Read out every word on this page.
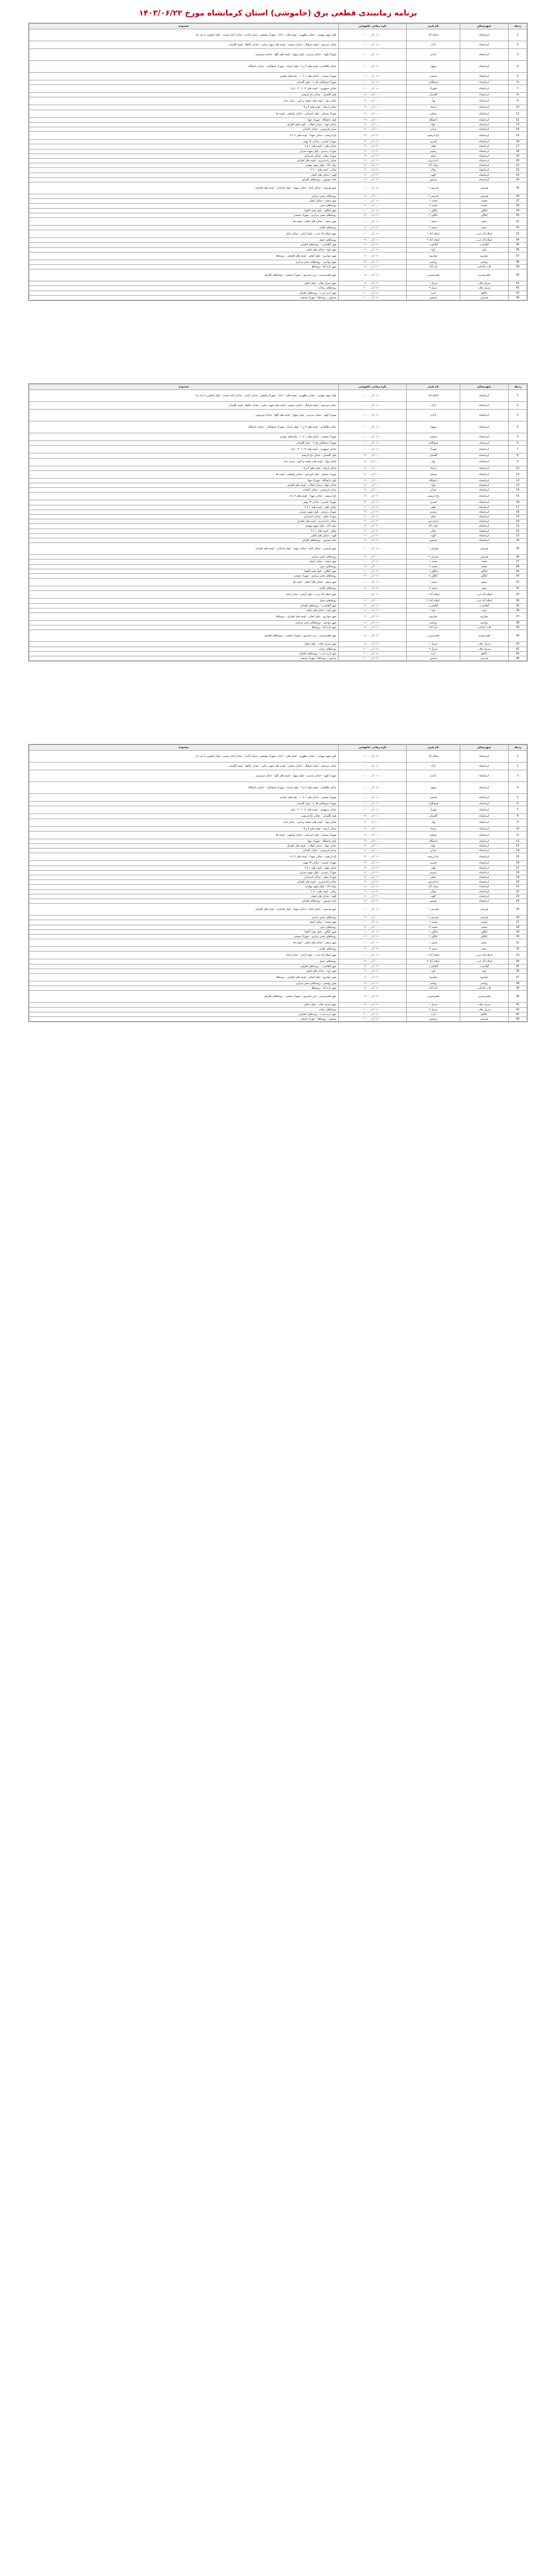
برنامه زمانبندی قطعی برق (خاموشی) استان کرمانشاه مورخ ۱۴۰۳/۰۶/۲۲
ردیف	شهرستان	نام فیدر	بازه زمانی خاموشی	محدوده
1	کرمانشاه	اسلام آباد	۰۸:۰۰ الی ۱۰:۰۰	بلوار شهید بهشتی - خیابان مطهری - کوچه های ۱ تا ۱۵ - شهرک ولیعصر - میدان آزادی - خیابان امام خمینی - بلوار کشاورز تا سه راه
2	کرمانشاه	پارک	۰۸:۰۰ الی ۱۰:۰۰	خیابان شریعتی - کوچه فرهنگ - خیابان سعدی - کوچه های شهید رجایی - خیابان حافظ - کوچه گلستان
3	کرمانشاه	آزادی	۰۸:۰۰ الی ۱۰:۰۰	شهرک الهیه - خیابان مدرس - بلوار نوبهار - کوچه های گلها - خیابان فردوسی
4	کرمانشاه	نوبهار	۰۸:۰۰ الی ۱۰:۰۰	خیابان طالقانی - کوچه های ۴ و ۶ - بلوار ارشاد - شهرک فرهنگیان - خیابان دانشگاه
5	کرمانشاه	صنعتی	۰۸:۰۰ الی ۱۰:۰۰	شهرک صنعتی - خیابان های ۱ تا ۱۰ - واحدهای تولیدی
6	کرمانشاه	فرهنگیان	۰۸:۰۰ الی ۱۰:۰۰	شهرک فرهنگیان فاز ۲ - بلوار گلستان
7	کرمانشاه	شهرک	۰۸:۰۰ الی ۱۰:۰۰	خیابان جمهوری - کوچه های ۱۲ تا ۲۰ - بازار
8	کرمانشاه	گلستان	۱۰:۰۰ الی ۱۲:۰۰	بلوار گلستان - خیابان باغ ابریشم
9	کرمانشاه	بهار	۱۰:۰۰ الی ۱۲:۰۰	خیابان بهار - کوچه های بنفشه و یاس - میدان مادر
10	کرمانشاه	ارشاد	۱۰:۰۰ الی ۱۲:۰۰	خیابان ارشاد - کوچه های ۳ و ۵
11	کرمانشاه	مسکن	۱۰:۰۰ الی ۱۲:۰۰	شهرک مسکن - بلوار امیرکبیر - خیابان ولیعصر - کوچه ها
12	کرمانشاه	دانشگاه	۱۰:۰۰ الی ۱۲:۰۰	بلوار دانشگاه - شهرک جهاد
13	کرمانشاه	جهاد	۱۰:۰۰ الی ۱۲:۰۰	خیابان جهاد - میدان انقلاب - کوچه های اطراف
14	کرمانشاه	میدان	۱۰:۰۰ الی ۱۲:۰۰	میدان فردوسی - خیابان کاشانی
15	کرمانشاه	باغ ابریشم	۱۲:۰۰ الی ۱۴:۰۰	باغ ابریشم - خیابان شهدا - کوچه های ۲ تا ۸
16	کرمانشاه	کسری	۱۲:۰۰ الی ۱۴:۰۰	شهرک کسری - خیابان ۲۲ بهمن
17	کرمانشاه	ظفر	۱۲:۰۰ الی ۱۴:۰۰	خیابان ظفر - کوچه های ۱ تا ۹
18	کرمانشاه	رشیدی	۱۲:۰۰ الی ۱۴:۰۰	شهرک رشیدی - بلوار شهید چمران
19	کرمانشاه	معلم	۱۲:۰۰ الی ۱۴:۰۰	شهرک معلم - خیابان پاسداران
20	کرمانشاه	ژاندارمری	۱۲:۰۰ الی ۱۴:۰۰	خیابان ژاندارمری - کوچه های اطراف
21	کرمانشاه	دولت آباد	۱۴:۰۰ الی ۱۶:۰۰	دولت آباد - بلوار شهید بهشتی
22	کرمانشاه	نوکان	۱۴:۰۰ الی ۱۶:۰۰	نوکان - کوچه های ۱ تا ۶
23	کرمانشاه	الهیه	۱۴:۰۰ الی ۱۶:۰۰	الهیه - خیابان های اصلی
24	کرمانشاه	بیستون	۱۴:۰۰ الی ۱۶:۰۰	جاده بیستون - روستاهای اطراف
25	هرسین	هرسین ۱	۰۸:۰۰ الی ۱۰:۰۰	شهر هرسین - خیابان امام - خیابان شهدا - بلوار جانبازان - کوچه های اطراف
26	هرسین	هرسین ۲	۱۰:۰۰ الی ۱۲:۰۰	روستاهای بخش مرکزی
27	صحنه	صحنه ۱	۰۸:۰۰ الی ۱۰:۰۰	شهر صحنه - خیابان اصلی
28	صحنه	صحنه ۲	۱۰:۰۰ الی ۱۲:۰۰	روستاهای دینور
29	کنگاور	کنگاور ۱	۰۸:۰۰ الی ۱۰:۰۰	شهر کنگاور - بلوار معبد آناهیتا
30	کنگاور	کنگاور ۲	۱۲:۰۰ الی ۱۴:۰۰	روستاهای بخش مرکزی - شهرک صنعتی
31	سنقر	سنقر ۱	۰۸:۰۰ الی ۱۰:۰۰	شهر سنقر - خیابان های اصلی - کوچه ها
32	سنقر	سنقر ۲	۱۴:۰۰ الی ۱۶:۰۰	روستاهای کلیایی
33	اسلام آباد غرب	اسلام آباد ۱	۰۸:۰۰ الی ۱۰:۰۰	شهر اسلام آباد غرب - بلوار آزادی - خیابان امام
34	اسلام آباد غرب	اسلام آباد ۲	۱۰:۰۰ الی ۱۲:۰۰	روستاهای حمیل
35	گیلانغرب	گیلانغرب	۱۲:۰۰ الی ۱۴:۰۰	شهر گیلانغرب - روستاهای اطراف
36	پاوه	پاوه	۱۴:۰۰ الی ۱۶:۰۰	شهر پاوه - خیابان های اصلی
37	جوانرود	جوانرود	۱۴:۰۰ الی ۱۶:۰۰	شهر جوانرود - بلوار اصلی - کوچه های اطراف - روستاها
38	روانسر	روانسر	۱۶:۰۰ الی ۱۸:۰۰	شهر روانسر - روستاهای بخش مرکزی
39	ثلاث باباجانی	تازه آباد	۱۶:۰۰ الی ۱۸:۰۰	شهر تازه آباد - روستاها
40	قصرشیرین	قصرشیرین	۱۶:۰۰ الی ۱۸:۰۰	شهر قصرشیرین - مرز خسروی - شهرک صنعتی - روستاهای اطراف
41	سرپل ذهاب	سرپل ۱	۱۶:۰۰ الی ۱۸:۰۰	شهر سرپل ذهاب - بلوار اصلی
42	سرپل ذهاب	سرپل ۲	۱۸:۰۰ الی ۲۰:۰۰	روستاهای ریجاب
43	دالاهو	کرند	۱۸:۰۰ الی ۲۰:۰۰	شهر کرند غرب - روستاهای اطراف
44	هرسین	بیستون	۱۸:۰۰ الی ۲۰:۰۰	بیستون - روستاها - شهرک صنعتی
ردیف	شهرستان	نام فیدر	بازه زمانی خاموشی	محدوده
1	کرمانشاه	اسلام آباد	۰۸:۰۰ الی ۱۰:۰۰	بلوار شهید بهشتی - خیابان مطهری - کوچه های ۱ تا ۱۵ - شهرک ولیعصر - میدان آزادی - خیابان امام خمینی - بلوار کشاورز تا سه راه
2	کرمانشاه	پارک	۰۸:۰۰ الی ۱۰:۰۰	خیابان شریعتی - کوچه فرهنگ - خیابان سعدی - کوچه های شهید رجایی - خیابان حافظ - کوچه گلستان
3	کرمانشاه	آزادی	۰۸:۰۰ الی ۱۰:۰۰	شهرک الهیه - خیابان مدرس - بلوار نوبهار - کوچه های گلها - خیابان فردوسی
4	کرمانشاه	نوبهار	۰۸:۰۰ الی ۱۰:۰۰	خیابان طالقانی - کوچه های ۴ و ۶ - بلوار ارشاد - شهرک فرهنگیان - خیابان دانشگاه
5	کرمانشاه	صنعتی	۰۸:۰۰ الی ۱۰:۰۰	شهرک صنعتی - خیابان های ۱ تا ۱۰ - واحدهای تولیدی
6	کرمانشاه	فرهنگیان	۰۸:۰۰ الی ۱۰:۰۰	شهرک فرهنگیان فاز ۲ - بلوار گلستان
7	کرمانشاه	شهرک	۰۸:۰۰ الی ۱۰:۰۰	خیابان جمهوری - کوچه های ۱۲ تا ۲۰ - بازار
8	کرمانشاه	گلستان	۱۰:۰۰ الی ۱۲:۰۰	بلوار گلستان - خیابان باغ ابریشم
9	کرمانشاه	بهار	۱۰:۰۰ الی ۱۲:۰۰	خیابان بهار - کوچه های بنفشه و یاس - میدان مادر
10	کرمانشاه	ارشاد	۱۰:۰۰ الی ۱۲:۰۰	خیابان ارشاد - کوچه های ۳ و ۵
11	کرمانشاه	مسکن	۱۰:۰۰ الی ۱۲:۰۰	شهرک مسکن - بلوار امیرکبیر - خیابان ولیعصر - کوچه ها
12	کرمانشاه	دانشگاه	۱۰:۰۰ الی ۱۲:۰۰	بلوار دانشگاه - شهرک جهاد
13	کرمانشاه	جهاد	۱۰:۰۰ الی ۱۲:۰۰	خیابان جهاد - میدان انقلاب - کوچه های اطراف
14	کرمانشاه	میدان	۱۰:۰۰ الی ۱۲:۰۰	میدان فردوسی - خیابان کاشانی
15	کرمانشاه	باغ ابریشم	۱۲:۰۰ الی ۱۴:۰۰	باغ ابریشم - خیابان شهدا - کوچه های ۲ تا ۸
16	کرمانشاه	کسری	۱۲:۰۰ الی ۱۴:۰۰	شهرک کسری - خیابان ۲۲ بهمن
17	کرمانشاه	ظفر	۱۲:۰۰ الی ۱۴:۰۰	خیابان ظفر - کوچه های ۱ تا ۹
18	کرمانشاه	رشیدی	۱۲:۰۰ الی ۱۴:۰۰	شهرک رشیدی - بلوار شهید چمران
19	کرمانشاه	معلم	۱۲:۰۰ الی ۱۴:۰۰	شهرک معلم - خیابان پاسداران
20	کرمانشاه	ژاندارمری	۱۲:۰۰ الی ۱۴:۰۰	خیابان ژاندارمری - کوچه های اطراف
21	کرمانشاه	دولت آباد	۱۴:۰۰ الی ۱۶:۰۰	دولت آباد - بلوار شهید بهشتی
22	کرمانشاه	نوکان	۱۴:۰۰ الی ۱۶:۰۰	نوکان - کوچه های ۱ تا ۶
23	کرمانشاه	الهیه	۱۴:۰۰ الی ۱۶:۰۰	الهیه - خیابان های اصلی
24	کرمانشاه	بیستون	۱۴:۰۰ الی ۱۶:۰۰	جاده بیستون - روستاهای اطراف
25	هرسین	هرسین ۱	۰۸:۰۰ الی ۱۰:۰۰	شهر هرسین - خیابان امام - خیابان شهدا - بلوار جانبازان - کوچه های اطراف
26	هرسین	هرسین ۲	۱۰:۰۰ الی ۱۲:۰۰	روستاهای بخش مرکزی
27	صحنه	صحنه ۱	۰۸:۰۰ الی ۱۰:۰۰	شهر صحنه - خیابان اصلی
28	صحنه	صحنه ۲	۱۰:۰۰ الی ۱۲:۰۰	روستاهای دینور
29	کنگاور	کنگاور ۱	۰۸:۰۰ الی ۱۰:۰۰	شهر کنگاور - بلوار معبد آناهیتا
30	کنگاور	کنگاور ۲	۱۲:۰۰ الی ۱۴:۰۰	روستاهای بخش مرکزی - شهرک صنعتی
31	سنقر	سنقر ۱	۰۸:۰۰ الی ۱۰:۰۰	شهر سنقر - خیابان های اصلی - کوچه ها
32	سنقر	سنقر ۲	۱۴:۰۰ الی ۱۶:۰۰	روستاهای کلیایی
33	اسلام آباد غرب	اسلام آباد ۱	۰۸:۰۰ الی ۱۰:۰۰	شهر اسلام آباد غرب - بلوار آزادی - خیابان امام
34	اسلام آباد غرب	اسلام آباد ۲	۱۰:۰۰ الی ۱۲:۰۰	روستاهای حمیل
35	گیلانغرب	گیلانغرب	۱۲:۰۰ الی ۱۴:۰۰	شهر گیلانغرب - روستاهای اطراف
36	پاوه	پاوه	۱۴:۰۰ الی ۱۶:۰۰	شهر پاوه - خیابان های اصلی
37	جوانرود	جوانرود	۱۴:۰۰ الی ۱۶:۰۰	شهر جوانرود - بلوار اصلی - کوچه های اطراف - روستاها
38	روانسر	روانسر	۱۶:۰۰ الی ۱۸:۰۰	شهر روانسر - روستاهای بخش مرکزی
39	ثلاث باباجانی	تازه آباد	۱۶:۰۰ الی ۱۸:۰۰	شهر تازه آباد - روستاها
40	قصرشیرین	قصرشیرین	۱۶:۰۰ الی ۱۸:۰۰	شهر قصرشیرین - مرز خسروی - شهرک صنعتی - روستاهای اطراف
41	سرپل ذهاب	سرپل ۱	۱۶:۰۰ الی ۱۸:۰۰	شهر سرپل ذهاب - بلوار اصلی
42	سرپل ذهاب	سرپل ۲	۱۸:۰۰ الی ۲۰:۰۰	روستاهای ریجاب
43	دالاهو	کرند	۱۸:۰۰ الی ۲۰:۰۰	شهر کرند غرب - روستاهای اطراف
44	هرسین	بیستون	۱۸:۰۰ الی ۲۰:۰۰	بیستون - روستاها - شهرک صنعتی
ردیف	شهرستان	نام فیدر	بازه زمانی خاموشی	محدوده
1	کرمانشاه	اسلام آباد	۰۸:۰۰ الی ۱۰:۰۰	بلوار شهید بهشتی - خیابان مطهری - کوچه های ۱ تا ۱۵ - شهرک ولیعصر - میدان آزادی - خیابان امام خمینی - بلوار کشاورز تا سه راه
2	کرمانشاه	پارک	۰۸:۰۰ الی ۱۰:۰۰	خیابان شریعتی - کوچه فرهنگ - خیابان سعدی - کوچه های شهید رجایی - خیابان حافظ - کوچه گلستان
3	کرمانشاه	آزادی	۰۸:۰۰ الی ۱۰:۰۰	شهرک الهیه - خیابان مدرس - بلوار نوبهار - کوچه های گلها - خیابان فردوسی
4	کرمانشاه	نوبهار	۰۸:۰۰ الی ۱۰:۰۰	خیابان طالقانی - کوچه های ۴ و ۶ - بلوار ارشاد - شهرک فرهنگیان - خیابان دانشگاه
5	کرمانشاه	صنعتی	۰۸:۰۰ الی ۱۰:۰۰	شهرک صنعتی - خیابان های ۱ تا ۱۰ - واحدهای تولیدی
6	کرمانشاه	فرهنگیان	۰۸:۰۰ الی ۱۰:۰۰	شهرک فرهنگیان فاز ۲ - بلوار گلستان
7	کرمانشاه	شهرک	۰۸:۰۰ الی ۱۰:۰۰	خیابان جمهوری - کوچه های ۱۲ تا ۲۰ - بازار
8	کرمانشاه	گلستان	۱۰:۰۰ الی ۱۲:۰۰	بلوار گلستان - خیابان باغ ابریشم
9	کرمانشاه	بهار	۱۰:۰۰ الی ۱۲:۰۰	خیابان بهار - کوچه های بنفشه و یاس - میدان مادر
10	کرمانشاه	ارشاد	۱۰:۰۰ الی ۱۲:۰۰	خیابان ارشاد - کوچه های ۳ و ۵
11	کرمانشاه	مسکن	۱۰:۰۰ الی ۱۲:۰۰	شهرک مسکن - بلوار امیرکبیر - خیابان ولیعصر - کوچه ها
12	کرمانشاه	دانشگاه	۱۰:۰۰ الی ۱۲:۰۰	بلوار دانشگاه - شهرک جهاد
13	کرمانشاه	جهاد	۱۰:۰۰ الی ۱۲:۰۰	خیابان جهاد - میدان انقلاب - کوچه های اطراف
14	کرمانشاه	میدان	۱۰:۰۰ الی ۱۲:۰۰	میدان فردوسی - خیابان کاشانی
15	کرمانشاه	باغ ابریشم	۱۲:۰۰ الی ۱۴:۰۰	باغ ابریشم - خیابان شهدا - کوچه های ۲ تا ۸
16	کرمانشاه	کسری	۱۲:۰۰ الی ۱۴:۰۰	شهرک کسری - خیابان ۲۲ بهمن
17	کرمانشاه	ظفر	۱۲:۰۰ الی ۱۴:۰۰	خیابان ظفر - کوچه های ۱ تا ۹
18	کرمانشاه	رشیدی	۱۲:۰۰ الی ۱۴:۰۰	شهرک رشیدی - بلوار شهید چمران
19	کرمانشاه	معلم	۱۲:۰۰ الی ۱۴:۰۰	شهرک معلم - خیابان پاسداران
20	کرمانشاه	ژاندارمری	۱۲:۰۰ الی ۱۴:۰۰	خیابان ژاندارمری - کوچه های اطراف
21	کرمانشاه	دولت آباد	۱۴:۰۰ الی ۱۶:۰۰	دولت آباد - بلوار شهید بهشتی
22	کرمانشاه	نوکان	۱۴:۰۰ الی ۱۶:۰۰	نوکان - کوچه های ۱ تا ۶
23	کرمانشاه	الهیه	۱۴:۰۰ الی ۱۶:۰۰	الهیه - خیابان های اصلی
24	کرمانشاه	بیستون	۱۴:۰۰ الی ۱۶:۰۰	جاده بیستون - روستاهای اطراف
25	هرسین	هرسین ۱	۰۸:۰۰ الی ۱۰:۰۰	شهر هرسین - خیابان امام - خیابان شهدا - بلوار جانبازان - کوچه های اطراف
26	هرسین	هرسین ۲	۱۰:۰۰ الی ۱۲:۰۰	روستاهای بخش مرکزی
27	صحنه	صحنه ۱	۰۸:۰۰ الی ۱۰:۰۰	شهر صحنه - خیابان اصلی
28	صحنه	صحنه ۲	۱۰:۰۰ الی ۱۲:۰۰	روستاهای دینور
29	کنگاور	کنگاور ۱	۰۸:۰۰ الی ۱۰:۰۰	شهر کنگاور - بلوار معبد آناهیتا
30	کنگاور	کنگاور ۲	۱۲:۰۰ الی ۱۴:۰۰	روستاهای بخش مرکزی - شهرک صنعتی
31	سنقر	سنقر ۱	۰۸:۰۰ الی ۱۰:۰۰	شهر سنقر - خیابان های اصلی - کوچه ها
32	سنقر	سنقر ۲	۱۴:۰۰ الی ۱۶:۰۰	روستاهای کلیایی
33	اسلام آباد غرب	اسلام آباد ۱	۰۸:۰۰ الی ۱۰:۰۰	شهر اسلام آباد غرب - بلوار آزادی - خیابان امام
34	اسلام آباد غرب	اسلام آباد ۲	۱۰:۰۰ الی ۱۲:۰۰	روستاهای حمیل
35	گیلانغرب	گیلانغرب	۱۲:۰۰ الی ۱۴:۰۰	شهر گیلانغرب - روستاهای اطراف
36	پاوه	پاوه	۱۴:۰۰ الی ۱۶:۰۰	شهر پاوه - خیابان های اصلی
37	جوانرود	جوانرود	۱۴:۰۰ الی ۱۶:۰۰	شهر جوانرود - بلوار اصلی - کوچه های اطراف - روستاها
38	روانسر	روانسر	۱۶:۰۰ الی ۱۸:۰۰	شهر روانسر - روستاهای بخش مرکزی
39	ثلاث باباجانی	تازه آباد	۱۶:۰۰ الی ۱۸:۰۰	شهر تازه آباد - روستاها
40	قصرشیرین	قصرشیرین	۱۶:۰۰ الی ۱۸:۰۰	شهر قصرشیرین - مرز خسروی - شهرک صنعتی - روستاهای اطراف
41	سرپل ذهاب	سرپل ۱	۱۶:۰۰ الی ۱۸:۰۰	شهر سرپل ذهاب - بلوار اصلی
42	سرپل ذهاب	سرپل ۲	۱۸:۰۰ الی ۲۰:۰۰	روستاهای ریجاب
43	دالاهو	کرند	۱۸:۰۰ الی ۲۰:۰۰	شهر کرند غرب - روستاهای اطراف
44	هرسین	بیستون	۱۸:۰۰ الی ۲۰:۰۰	بیستون - روستاها - شهرک صنعتی
